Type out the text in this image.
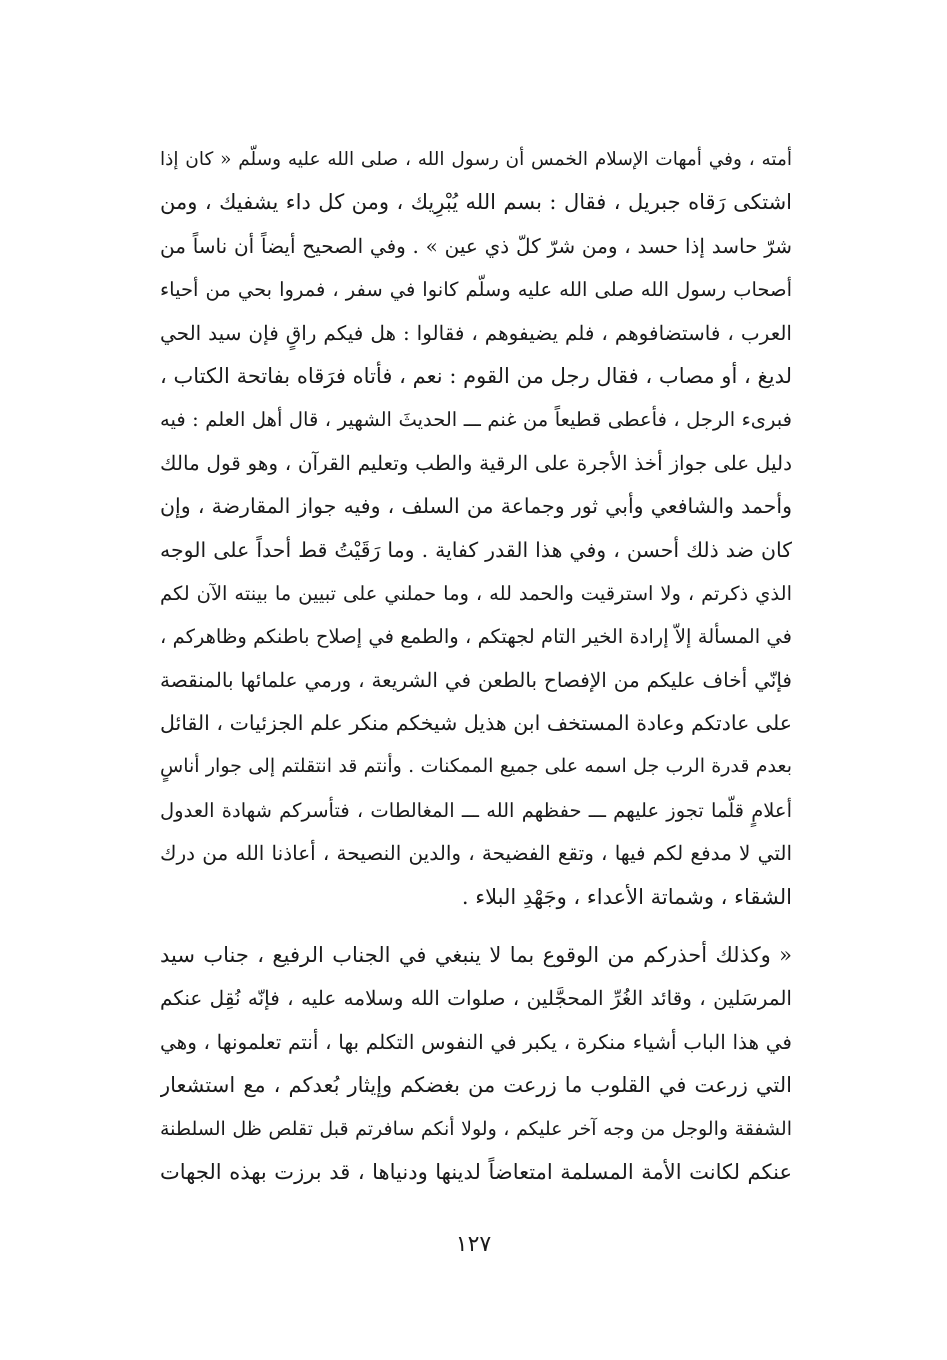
أمته ، وفي أمهات الإسلام الخمس أن رسول الله ، صلى الله عليه وسلّم « كان إذا
اشتكى رَقاه جبريل ، فقال : بسم الله يُبْرِيك ، ومن كل داء يشفيك ، ومن
شرّ حاسد إذا حسد ، ومن شرّ كلّ ذي عين » . وفي الصحيح أيضاً أن ناساً من
أصحاب رسول الله صلى الله عليه وسلّم كانوا في سفر ، فمروا بحي من أحياء
العرب ، فاستضافوهم ، فلم يضيفوهم ، فقالوا : هل فيكم راقٍ فإن سيد الحي
لديغ ، أو مصاب ، فقال رجل من القوم : نعم ، فأتاه فرَقاه بفاتحة الكتاب ،
فبرىء الرجل ، فأعطى قطيعاً من غنم ـــ الحديثَ الشهير ، قال أهل العلم : فيه
دليل على جواز أخذ الأجرة على الرقية والطب وتعليم القرآن ، وهو قول مالك
وأحمد والشافعي وأبي ثور وجماعة من السلف ، وفيه جواز المقارضة ، وإن
كان ضد ذلك أحسن ، وفي هذا القدر كفاية . وما رَقَيْتُ قط أحداً على الوجه
الذي ذكرتم ، ولا استرقيت والحمد لله ، وما حملني على تبيين ما بينته الآن لكم
في المسألة إلاّ إرادة الخير التام لجهتكم ، والطمع في إصلاح باطنكم وظاهركم ،
فإنّي أخاف عليكم من الإفصاح بالطعن في الشريعة ، ورمي علمائها بالمنقصة
على عادتكم وعادة المستخف ابن هذيل شيخكم منكر علم الجزئيات ، القائل
بعدم قدرة الرب جل اسمه على جميع الممكنات . وأنتم قد انتقلتم إلى جوار أناسٍ
أعلامٍ قلّما تجوز عليهم ـــ حفظهم الله ـــ المغالطات ، فتأسركم شهادة العدول
التي لا مدفع لكم فيها ، وتقع الفضيحة ، والدين النصيحة ، أعاذنا الله من درك
الشقاء ، وشماتة الأعداء ، وجَهْدِ البلاء .
« وكذلك أحذركم من الوقوع بما لا ينبغي في الجناب الرفيع ، جناب سيد
المرسَلين ، وقائد الغُرِّ المحجَّلين ، صلوات الله وسلامه عليه ، فإنّه نُقِل عنكم
في هذا الباب أشياء منكرة ، يكبر في النفوس التكلم بها ، أنتم تعلمونها ، وهي
التي زرعت في القلوب ما زرعت من بغضكم وإيثار بُعدكم ، مع استشعار
الشفقة والوجل من وجه آخر عليكم ، ولولا أنكم سافرتم قبل تقلص ظل السلطنة
عنكم لكانت الأمة المسلمة امتعاضاً لدينها ودنياها ، قد برزت بهذه الجهات
١٢٧
